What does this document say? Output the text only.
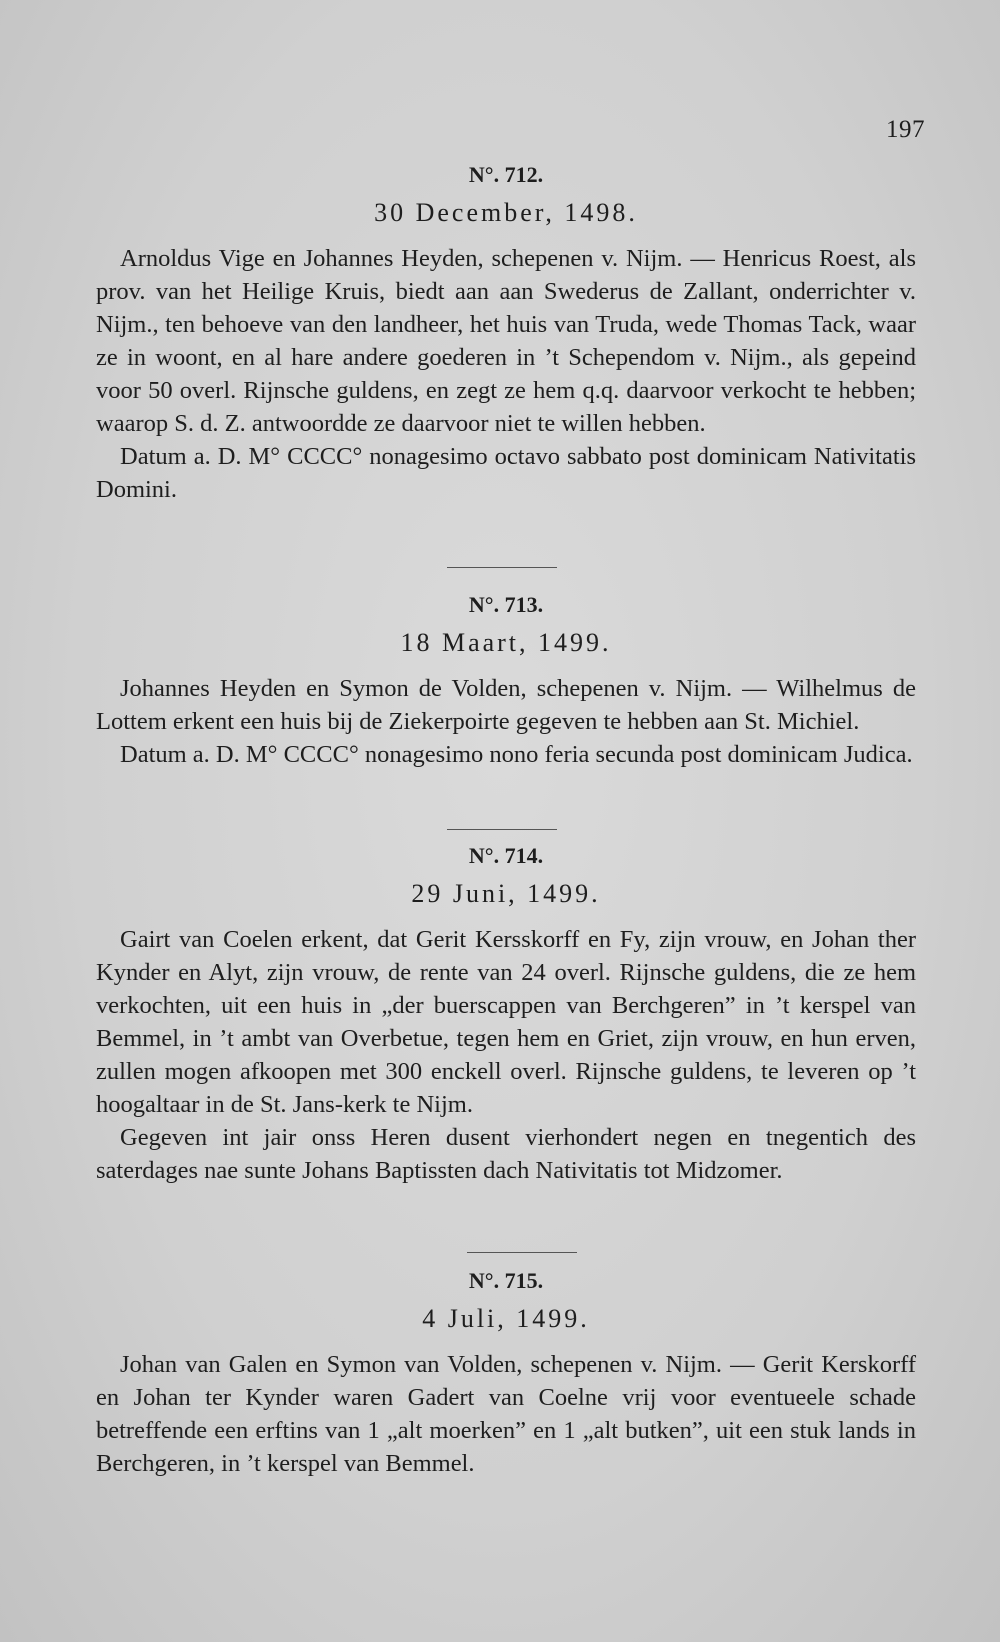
197
N°. 712.
30 December, 1498.

Arnoldus Vige en Johannes Heyden, schepenen v. Nijm. — Henricus Roest, als prov. van het Heilige Kruis, biedt aan aan Swederus de Zallant, onderrichter v. Nijm., ten behoeve van den landheer, het huis van Truda, wede Thomas Tack, waar ze in woont, en al hare andere goederen in ’t Schependom v. Nijm., als gepeind voor 50 overl. Rijnsche guldens, en zegt ze hem q.q. daarvoor verkocht te hebben; waarop S. d. Z. antwoordde ze daarvoor niet te willen hebben.

Datum a. D. M° CCCC° nonagesimo octavo sabbato post dominicam Nativitatis Domini.

N°. 713.
18 Maart, 1499.

Johannes Heyden en Symon de Volden, schepenen v. Nijm. — Wilhelmus de Lottem erkent een huis bij de Ziekerpoirte gegeven te hebben aan St. Michiel.

Datum a. D. M° CCCC° nonagesimo nono feria secunda post dominicam Judica.

N°. 714.
29 Juni, 1499.

Gairt van Coelen erkent, dat Gerit Kersskorff en Fy, zijn vrouw, en Johan ther Kynder en Alyt, zijn vrouw, de rente van 24 overl. Rijnsche guldens, die ze hem verkochten, uit een huis in „der buerscappen van Berchgeren” in ’t kerspel van Bemmel, in ’t ambt van Overbetue, tegen hem en Griet, zijn vrouw, en hun erven, zullen mogen afkoopen met 300 enckell overl. Rijnsche guldens, te leveren op ’t hoogaltaar in de St. Jans-kerk te Nijm.

Gegeven int jair onss Heren dusent vierhondert negen en tnegentich des saterdages nae sunte Johans Baptissten dach Nativitatis tot Midzomer.

N°. 715.
4 Juli, 1499.

Johan van Galen en Symon van Volden, schepenen v. Nijm. — Gerit Kerskorff en Johan ter Kynder waren Gadert van Coelne vrij voor eventueele schade betreffende een erftins van 1 „alt moerken” en 1 „alt butken”, uit een stuk lands in Berchgeren, in ’t kerspel van Bemmel.
